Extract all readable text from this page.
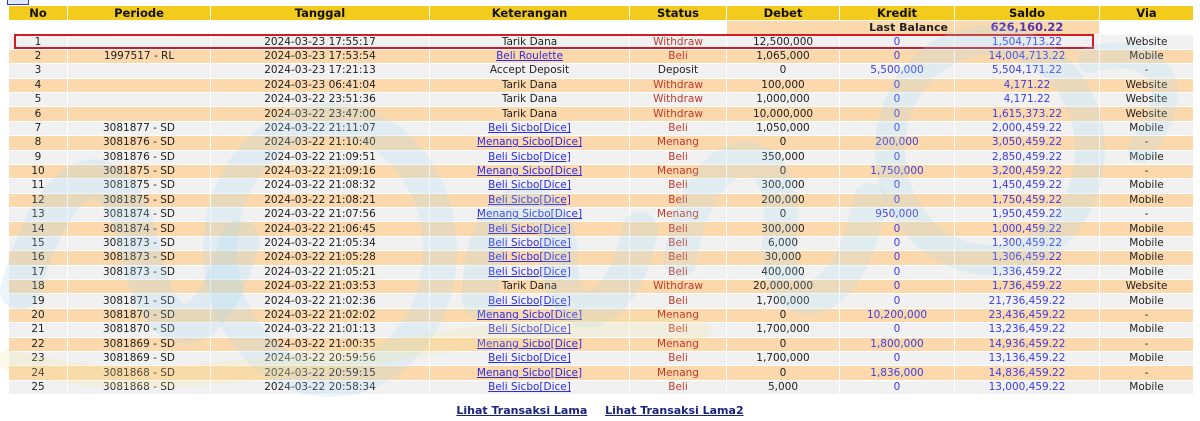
No	Periode	Tanggal	Keterangan	Status	Debet	Kredit	Saldo	Via
					Last Balance		626,160.22	
1		2024-03-23 17:55:17	Tarik Dana	Withdraw	12,500,000	0	1,504,713.22	Website
2	1997517 - RL	2024-03-23 17:53:54	Beli Roulette	Beli	1,065,000	0	14,004,713.22	Mobile
3		2024-03-23 17:21:13	Accept Deposit	Deposit	0	5,500,000	5,504,171.22	-
4		2024-03-23 06:41:04	Tarik Dana	Withdraw	100,000	0	4,171.22	Website
5		2024-03-22 23:51:36	Tarik Dana	Withdraw	1,000,000	0	4,171.22	Website
6		2024-03-22 23:47:00	Tarik Dana	Withdraw	10,000,000	0	1,615,373.22	Website
7	3081877 - SD	2024-03-22 21:11:07	Beli Sicbo[Dice]	Beli	1,050,000	0	2,000,459.22	Mobile
8	3081876 - SD	2024-03-22 21:10:40	Menang Sicbo[Dice]	Menang	0	200,000	3,050,459.22	-
9	3081876 - SD	2024-03-22 21:09:51	Beli Sicbo[Dice]	Beli	350,000	0	2,850,459.22	Mobile
10	3081875 - SD	2024-03-22 21:09:16	Menang Sicbo[Dice]	Menang	0	1,750,000	3,200,459.22	-
11	3081875 - SD	2024-03-22 21:08:32	Beli Sicbo[Dice]	Beli	300,000	0	1,450,459.22	Mobile
12	3081875 - SD	2024-03-22 21:08:21	Beli Sicbo[Dice]	Beli	200,000	0	1,750,459.22	Mobile
13	3081874 - SD	2024-03-22 21:07:56	Menang Sicbo[Dice]	Menang	0	950,000	1,950,459.22	-
14	3081874 - SD	2024-03-22 21:06:45	Beli Sicbo[Dice]	Beli	300,000	0	1,000,459.22	Mobile
15	3081873 - SD	2024-03-22 21:05:34	Beli Sicbo[Dice]	Beli	6,000	0	1,300,459.22	Mobile
16	3081873 - SD	2024-03-22 21:05:28	Beli Sicbo[Dice]	Beli	30,000	0	1,306,459.22	Mobile
17	3081873 - SD	2024-03-22 21:05:21	Beli Sicbo[Dice]	Beli	400,000	0	1,336,459.22	Mobile
18		2024-03-22 21:03:53	Tarik Dana	Withdraw	20,000,000	0	1,736,459.22	Website
19	3081871 - SD	2024-03-22 21:02:36	Beli Sicbo[Dice]	Beli	1,700,000	0	21,736,459.22	Mobile
20	3081870 - SD	2024-03-22 21:02:02	Menang Sicbo[Dice]	Menang	0	10,200,000	23,436,459.22	-
21	3081870 - SD	2024-03-22 21:01:13	Beli Sicbo[Dice]	Beli	1,700,000	0	13,236,459.22	Mobile
22	3081869 - SD	2024-03-22 21:00:35	Menang Sicbo[Dice]	Menang	0	1,800,000	14,936,459.22	-
23	3081869 - SD	2024-03-22 20:59:56	Beli Sicbo[Dice]	Beli	1,700,000	0	13,136,459.22	Mobile
24	3081868 - SD	2024-03-22 20:59:15	Menang Sicbo[Dice]	Menang	0	1,836,000	14,836,459.22	-
25	3081868 - SD	2024-03-22 20:58:34	Beli Sicbo[Dice]	Beli	5,000	0	13,000,459.22	Mobile
Lihat Transaksi Lama Lihat Transaksi Lama2
